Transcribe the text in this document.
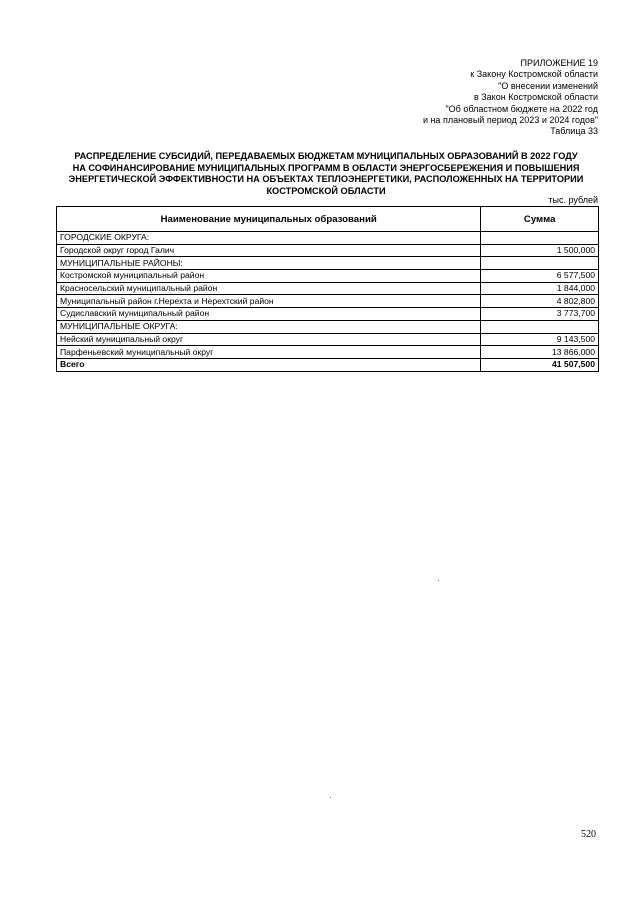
ПРИЛОЖЕНИЕ 19
к Закону Костромской области
"О внесении изменений
в Закон Костромской области
"Об областном бюджете на 2022 год
и на плановый период 2023 и 2024 годов"
Таблица 33
РАСПРЕДЕЛЕНИЕ СУБСИДИЙ, ПЕРЕДАВАЕМЫХ БЮДЖЕТАМ МУНИЦИПАЛЬНЫХ ОБРАЗОВАНИЙ В 2022 ГОДУ
НА СОФИНАНСИРОВАНИЕ МУНИЦИПАЛЬНЫХ ПРОГРАММ В ОБЛАСТИ ЭНЕРГОСБЕРЕЖЕНИЯ И ПОВЫШЕНИЯ
ЭНЕРГЕТИЧЕСКОЙ ЭФФЕКТИВНОСТИ НА ОБЪЕКТАХ ТЕПЛОЭНЕРГЕТИКИ, РАСПОЛОЖЕННЫХ НА ТЕРРИТОРИИ
КОСТРОМСКОЙ ОБЛАСТИ
тыс. рублей
Наименование муниципальных образований	Сумма
ГОРОДСКИЕ ОКРУГА:	
Городской округ город Галич	1 500,000
МУНИЦИПАЛЬНЫЕ РАЙОНЫ:	
Костромской муниципальный район	6 577,500
Красносельский муниципальный район	1 844,000
Муниципальный район г.Нерехта и Нерехтский район	4 802,800
Судиславский муниципальный район	3 773,700
МУНИЦИПАЛЬНЫЕ ОКРУГА:	
Нейский муниципальный округ	9 143,500
Парфеньевский муниципальный округ	13 866,000
Всего	41 507,500
520
